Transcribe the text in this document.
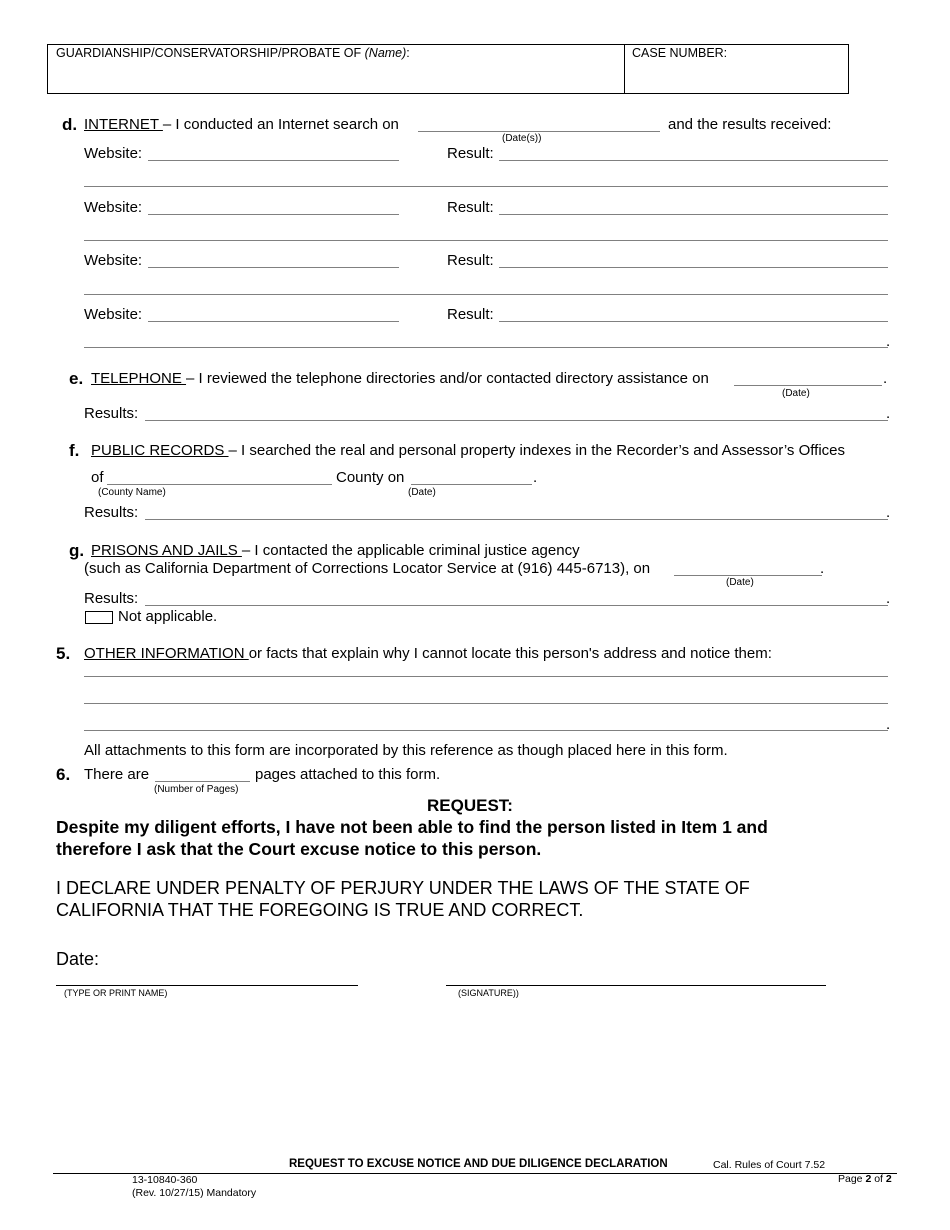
GUARDIANSHIP/CONSERVATORSHIP/PROBATE OF (Name):	CASE NUMBER:
d. INTERNET – I conducted an Internet search on
(Date(s))
and the results received:
Website:	Result:
Website:	Result:
Website:	Result:
Website:	Result:
.
e. TELEPHONE – I reviewed the telephone directories and/or contacted directory assistance on	.
(Date)
Results:	.
f. PUBLIC RECORDS – I searched the real and personal property indexes in the Recorder’s and Assessor’s Offices
of
(County Name)
County on	.
(Date)
Results:	.
g. PRISONS AND JAILS – I contacted the applicable criminal justice agency
(such as California Department of Corrections Locator Service at (916) 445-6713), on	.
(Date)
Results:	.
Not applicable.
5. OTHER INFORMATION or facts that explain why I cannot locate this person's address and notice them:
.
All attachments to this form are incorporated by this reference as though placed here in this form.
6. There are	pages attached to this form.
(Number of Pages)
REQUEST:
Despite my diligent efforts, I have not been able to find the person listed in Item 1 and
therefore I ask that the Court excuse notice to this person.
I DECLARE UNDER PENALTY OF PERJURY UNDER THE LAWS OF THE STATE OF
CALIFORNIA THAT THE FOREGOING IS TRUE AND CORRECT.
Date:
(TYPE OR PRINT NAME)	(SIGNATURE))
REQUEST TO EXCUSE NOTICE AND DUE DILIGENCE DECLARATION	Cal. Rules of Court 7.52
13-10840-360
(Rev. 10/27/15) Mandatory
Page 2 of 2
